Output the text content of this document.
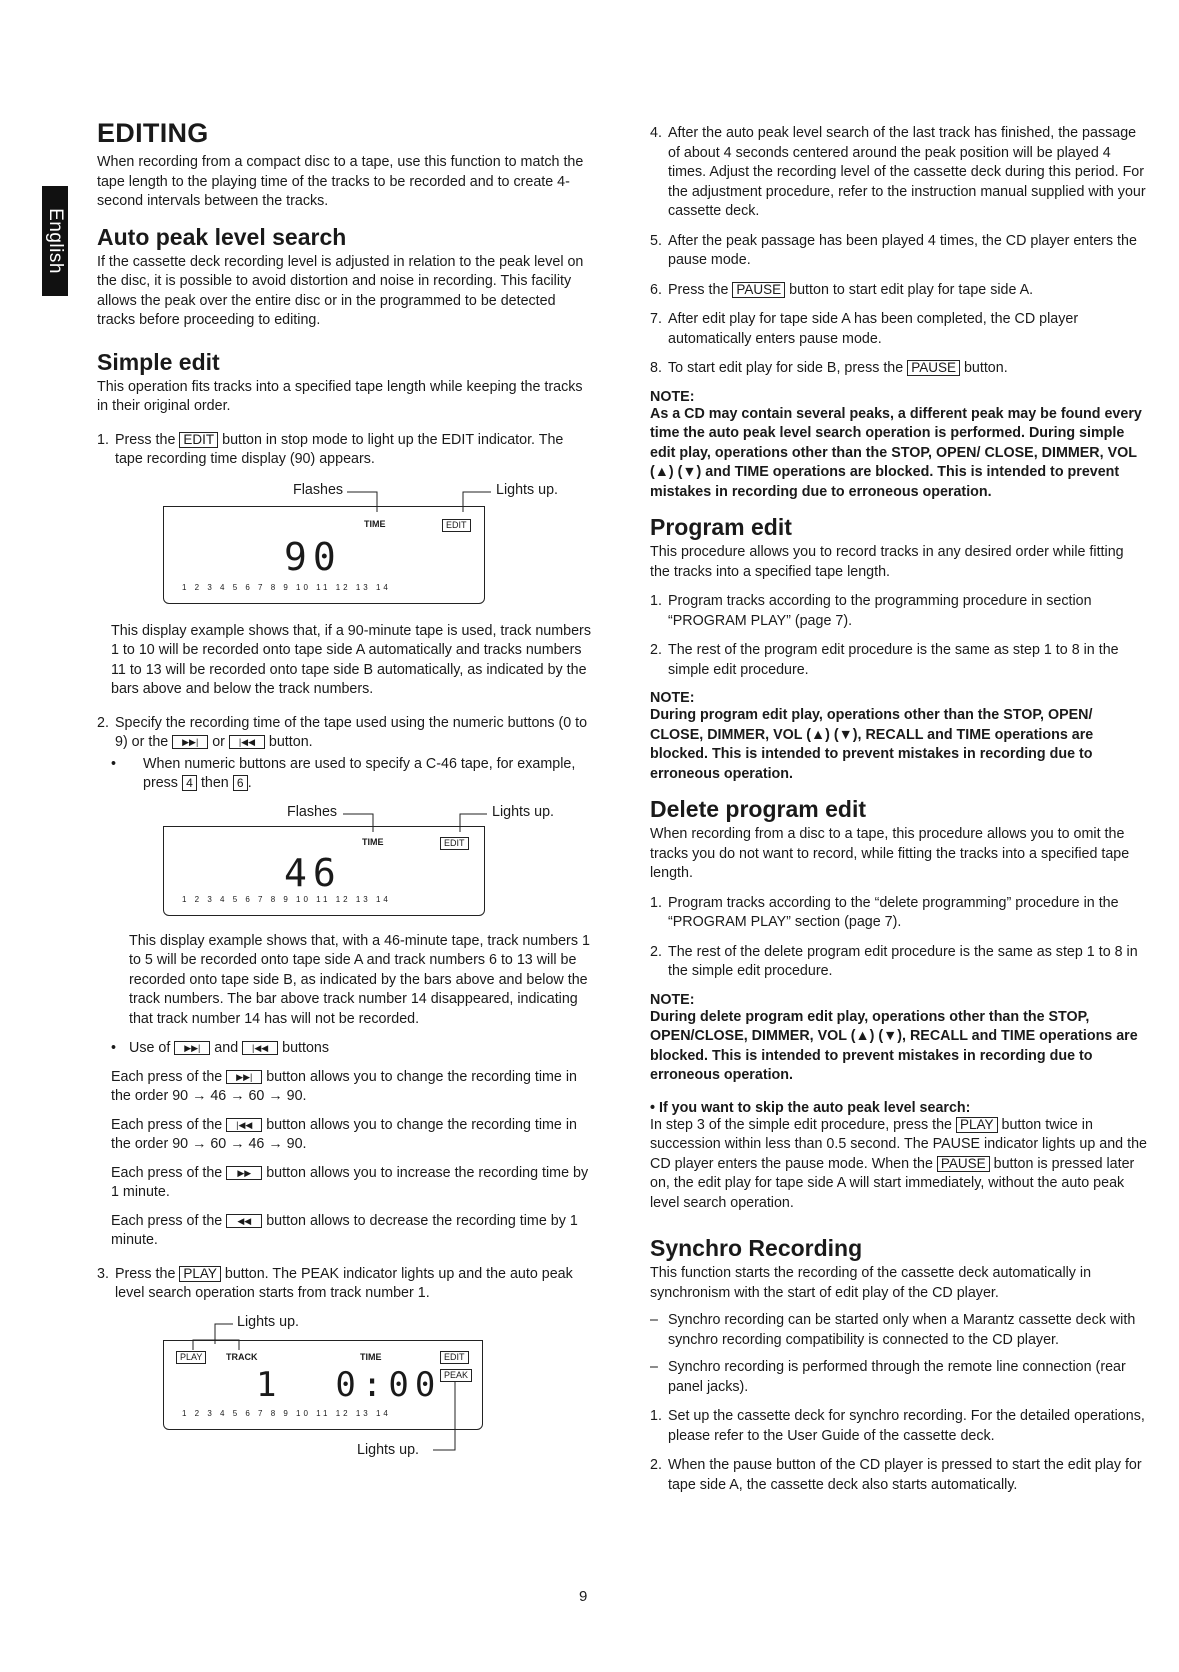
English
EDITING

When recording from a compact disc to a tape, use this function to match the tape length to the playing time of the tracks to be recorded and to create 4-second intervals between the tracks.

Auto peak level search

If the cassette deck recording level is adjusted in relation to the peak level on the disc, it is possible to avoid distortion and noise in recording. This facility allows the peak over the entire disc or in the programmed to be detected tracks before proceeding to editing.

Simple edit

This operation fits tracks into a specified tape length while keeping the tracks in their original order.

1. Press the EDIT button in stop mode to light up the EDIT indicator. The tape recording time display (90) appears.
Flashes	Lights up.
TIME	EDIT
90
1 2 3 4 5 6 7 8 9 10 11 12 13 14

This display example shows that, if a 90-minute tape is used, track numbers 1 to 10 will be recorded onto tape side A automatically and tracks numbers 11 to 13 will be recorded onto tape side B automatically, as indicated by the bars above and below the track numbers.

2. Specify the recording time of the tape used using the numeric buttons (0 to 9) or the ▶▶| or |◀◀ button.
•	When numeric buttons are used to specify a C-46 tape, for example, press 4 then 6 .
Flashes	Lights up.
TIME	EDIT
46
1 2 3 4 5 6 7 8 9 10 11 12 13 14

This display example shows that, with a 46-minute tape, track numbers 1 to 5 will be recorded onto tape side A and track numbers 6 to 13 will be recorded onto tape side B, as indicated by the bars above and below the track numbers. The bar above track number 14 disappeared, indicating that track number 14 has will not be recorded.

• Use of ▶▶| and |◀◀ buttons

Each press of the ▶▶| button allows you to change the recording time in the order 90 → 46 → 60 → 90.

Each press of the |◀◀ button allows you to change the recording time in the order 90 → 60 → 46 → 90.

Each press of the ▶▶ button allows you to increase the recording time by 1 minute.

Each press of the ◀◀ button allows to decrease the recording time by 1 minute.

3. Press the PLAY button. The PEAK indicator lights up and the auto peak level search operation starts from track number 1.
Lights up.
PLAY	TRACK	TIME	EDIT
PEAK
1  0:00
1 2 3 4 5 6 7 8 9 10 11 12 13 14
Lights up.
4. After the auto peak level search of the last track has finished, the passage of about 4 seconds centered around the peak position will be played 4 times. Adjust the recording level of the cassette deck during this period. For the adjustment procedure, refer to the instruction manual supplied with your cassette deck.
5. After the peak passage has been played 4 times, the CD player enters the pause mode.
6. Press the PAUSE button to start edit play for tape side A.
7. After edit play for tape side A has been completed, the CD player automatically enters pause mode.
8. To start edit play for side B, press the PAUSE button.
NOTE:
As a CD may contain several peaks, a different peak may be found every time the auto peak level search operation is performed. During simple edit play, operations other than the STOP, OPEN/ CLOSE, DIMMER, VOL (▲) (▼) and TIME operations are blocked. This is intended to prevent mistakes in recording due to erroneous operation.
Program edit

This procedure allows you to record tracks in any desired order while fitting the tracks into a specified tape length.

1. Program tracks according to the programming procedure in section “PROGRAM PLAY” (page 7).
2. The rest of the program edit procedure is the same as step 1 to 8 in the simple edit procedure.
NOTE:
During program edit play, operations other than the STOP, OPEN/ CLOSE, DIMMER, VOL (▲) (▼), RECALL and TIME operations are blocked. This is intended to prevent mistakes in recording due to erroneous operation.
Delete program edit

When recording from a disc to a tape, this procedure allows you to omit the tracks you do not want to record, while fitting the tracks into a specified tape length.

1. Program tracks according to the “delete programming” procedure in the “PROGRAM PLAY” section (page 7).
2. The rest of the delete program edit procedure is the same as step 1 to 8 in the simple edit procedure.
NOTE:
During delete program edit play, operations other than the STOP, OPEN/CLOSE, DIMMER, VOL (▲) (▼), RECALL and TIME operations are blocked. This is intended to prevent mistakes in recording due to erroneous operation.
• If you want to skip the auto peak level search:

In step 3 of the simple edit procedure, press the PLAY button twice in succession within less than 0.5 second. The PAUSE indicator lights up and the CD player enters the pause mode. When the PAUSE button is pressed later on, the edit play for tape side A will start immediately, without the auto peak level search operation.

Synchro Recording

This function starts the recording of the cassette deck automatically in synchronism with the start of edit play of the CD player.

– Synchro recording can be started only when a Marantz cassette deck with synchro recording compatibility is connected to the CD player.
– Synchro recording is performed through the remote line connection (rear panel jacks).
1. Set up the cassette deck for synchro recording. For the detailed operations, please refer to the User Guide of the cassette deck.
2. When the pause button of the CD player is pressed to start the edit play for tape side A, the cassette deck also starts automatically.
9
